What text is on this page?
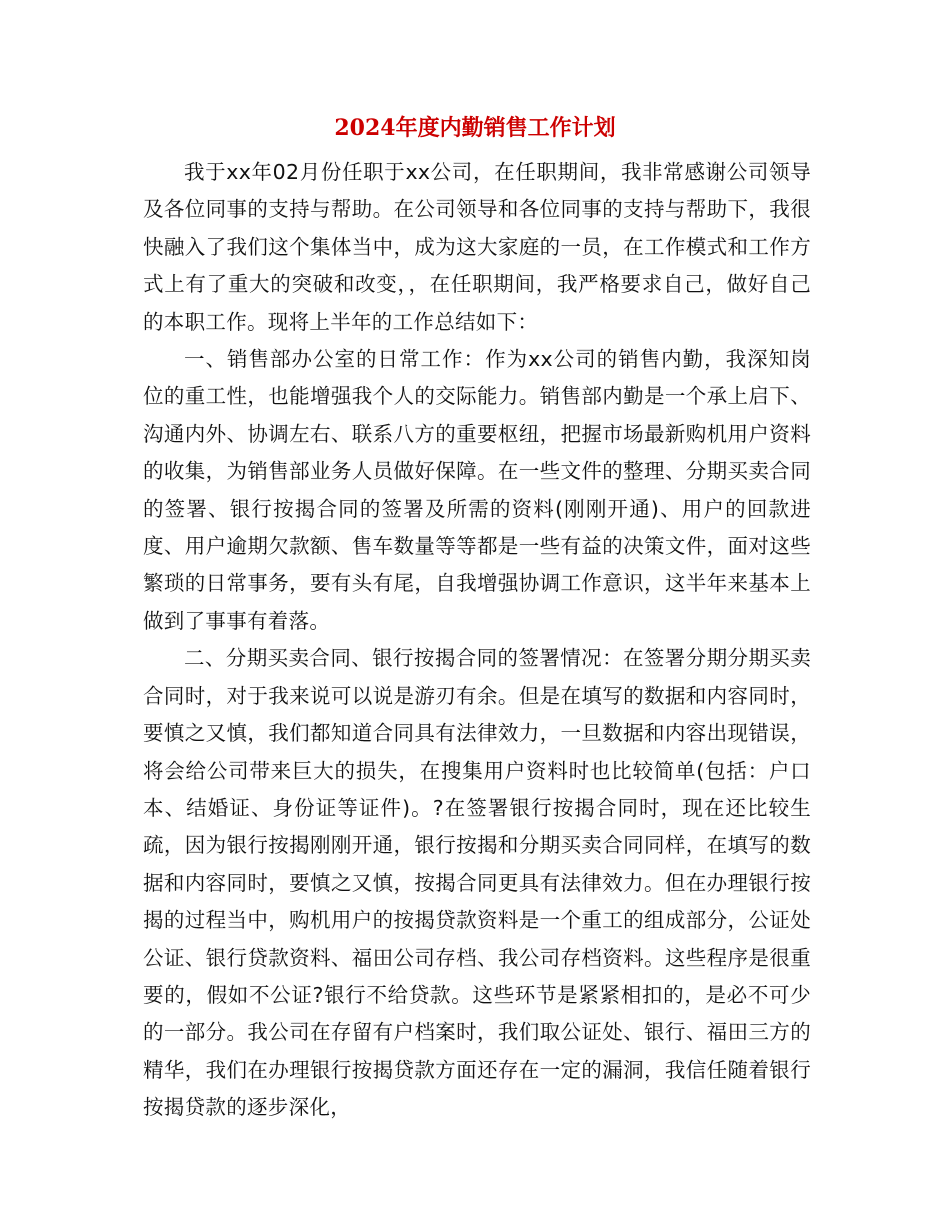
2024年度内勤销售工作计划

我于xx年02月份任职于xx公司，在任职期间，我非常感谢公司领导及各位同事的支持与帮助。在公司领导和各位同事的支持与帮助下，我很快融入了我们这个集体当中，成为这大家庭的一员，在工作模式和工作方式上有了重大的突破和改变，，在任职期间，我严格要求自己，做好自己的本职工作。现将上半年的工作总结如下：

一、销售部办公室的日常工作：作为xx公司的销售内勤，我深知岗位的重工性，也能增强我个人的交际能力。销售部内勤是一个承上启下、沟通内外、协调左右、联系八方的重要枢纽，把握市场最新购机用户资料的收集，为销售部业务人员做好保障。在一些文件的整理、分期买卖合同的签署、银行按揭合同的签署及所需的资料(刚刚开通)、用户的回款进度、用户逾期欠款额、售车数量等等都是一些有益的决策文件，面对这些繁琐的日常事务，要有头有尾，自我增强协调工作意识，这半年来基本上做到了事事有着落。

二、分期买卖合同、银行按揭合同的签署情况：在签署分期分期买卖合同时，对于我来说可以说是游刃有余。但是在填写的数据和内容同时，要慎之又慎，我们都知道合同具有法律效力，一旦数据和内容出现错误，将会给公司带来巨大的损失，在搜集用户资料时也比较简单(包括：户口本、结婚证、身份证等证件)。?在签署银行按揭合同时，现在还比较生疏，因为银行按揭刚刚开通，银行按揭和分期买卖合同同样，在填写的数据和内容同时，要慎之又慎，按揭合同更具有法律效力。但在办理银行按揭的过程当中，购机用户的按揭贷款资料是一个重工的组成部分，公证处公证、银行贷款资料、福田公司存档、我公司存档资料。这些程序是很重要的，假如不公证?银行不给贷款。这些环节是紧紧相扣的，是必不可少的一部分。我公司在存留有户档案时，我们取公证处、银行、福田三方的精华，我们在办理银行按揭贷款方面还存在一定的漏洞，我信任随着银行按揭贷款的逐步深化，
